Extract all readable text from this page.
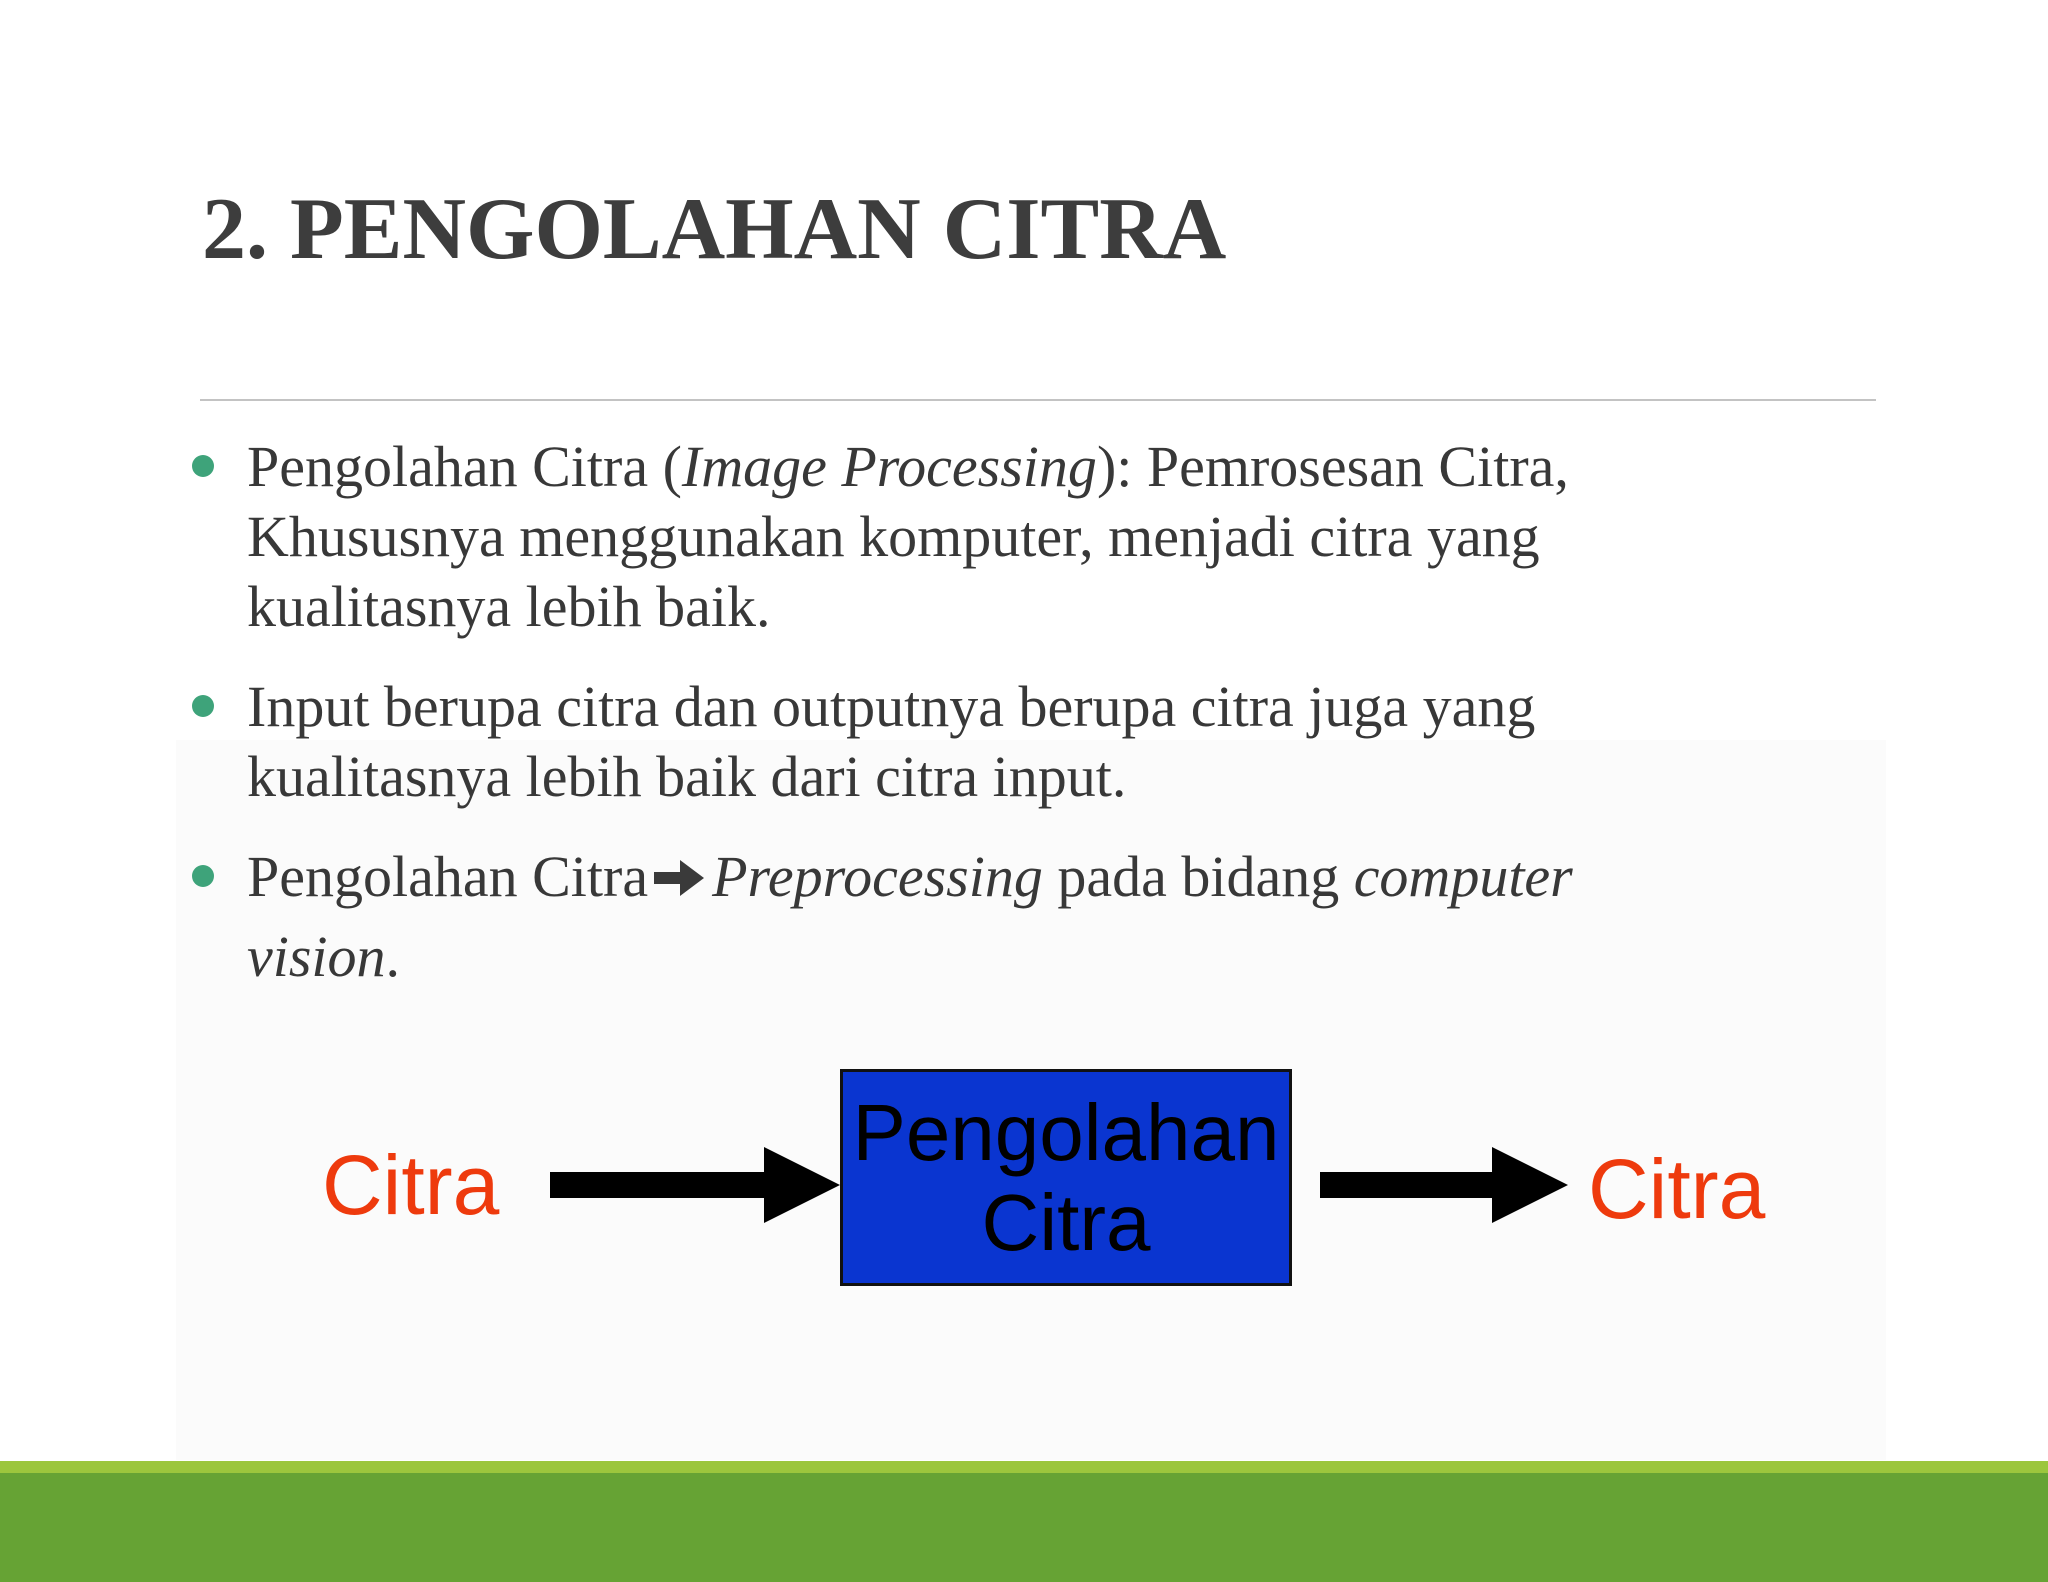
2. PENGOLAHAN CITRA
Pengolahan Citra (Image Processing): Pemrosesan Citra,
Khususnya menggunakan komputer, menjadi citra yang
kualitasnya lebih baik.
Input berupa citra dan outputnya berupa citra juga yang
kualitasnya lebih baik dari citra input.
Pengolahan Citra Preprocessing pada bidang computer
vision.
Citra
Pengolahan
Citra	Citra
